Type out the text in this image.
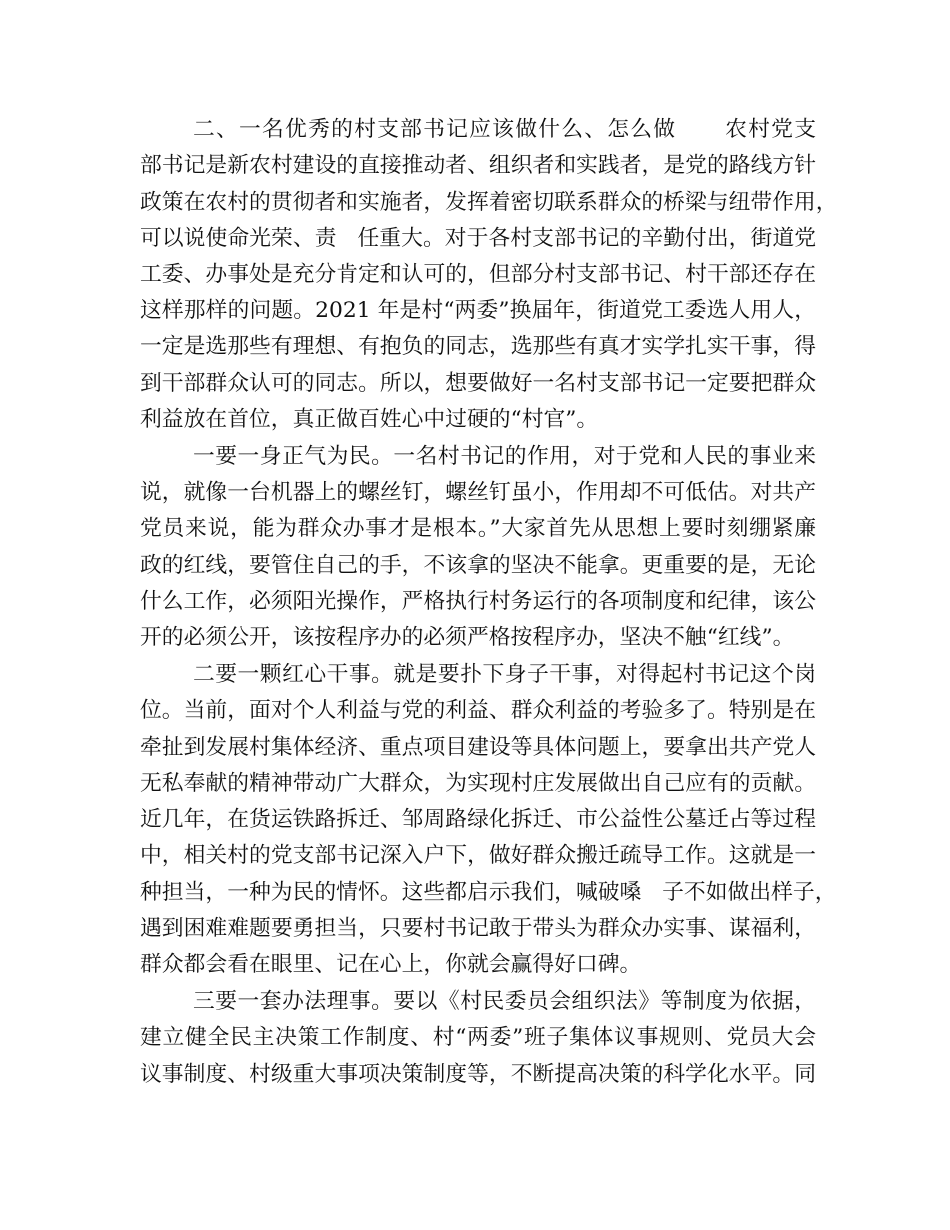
二、一名优秀的村支部书记应该做什么、怎么做      农村党支
部书记是新农村建设的直接推动者、组织者和实践者，是党的路线方针
政策在农村的贯彻者和实施者，发挥着密切联系群众的桥梁与纽带作用，
可以说使命光荣、责   任重大。对于各村支部书记的辛勤付出，街道党
工委、办事处是充分肯定和认可的，但部分村支部书记、村干部还存在
这样那样的问题。2021 年是村“两委”换届年，街道党工委选人用人，
一定是选那些有理想、有抱负的同志，选那些有真才实学扎实干事，得
到干部群众认可的同志。所以，想要做好一名村支部书记一定要把群众
利益放在首位，真正做百姓心中过硬的“村官”。
一要一身正气为民。一名村书记的作用，对于党和人民的事业来
说，就像一台机器上的螺丝钉，螺丝钉虽小，作用却不可低估。对共产
党员来说，能为群众办事才是根本。”大家首先从思想上要时刻绷紧廉
政的红线，要管住自己的手，不该拿的坚决不能拿。更重要的是，无论
什么工作，必须阳光操作，严格执行村务运行的各项制度和纪律，该公
开的必须公开，该按程序办的必须严格按程序办，坚决不触“红线”。
二要一颗红心干事。就是要扑下身子干事，对得起村书记这个岗
位。当前，面对个人利益与党的利益、群众利益的考验多了。特别是在
牵扯到发展村集体经济、重点项目建设等具体问题上，要拿出共产党人
无私奉献的精神带动广大群众，为实现村庄发展做出自己应有的贡献。
近几年，在货运铁路拆迁、邹周路绿化拆迁、市公益性公墓迁占等过程
中，相关村的党支部书记深入户下，做好群众搬迁疏导工作。这就是一
种担当，一种为民的情怀。这些都启示我们，喊破嗓   子不如做出样子，
遇到困难难题要勇担当，只要村书记敢于带头为群众办实事、谋福利，
群众都会看在眼里、记在心上，你就会赢得好口碑。
三要一套办法理事。要以《村民委员会组织法》等制度为依据，
建立健全民主决策工作制度、村“两委”班子集体议事规则、党员大会
议事制度、村级重大事项决策制度等，不断提高决策的科学化水平。同
